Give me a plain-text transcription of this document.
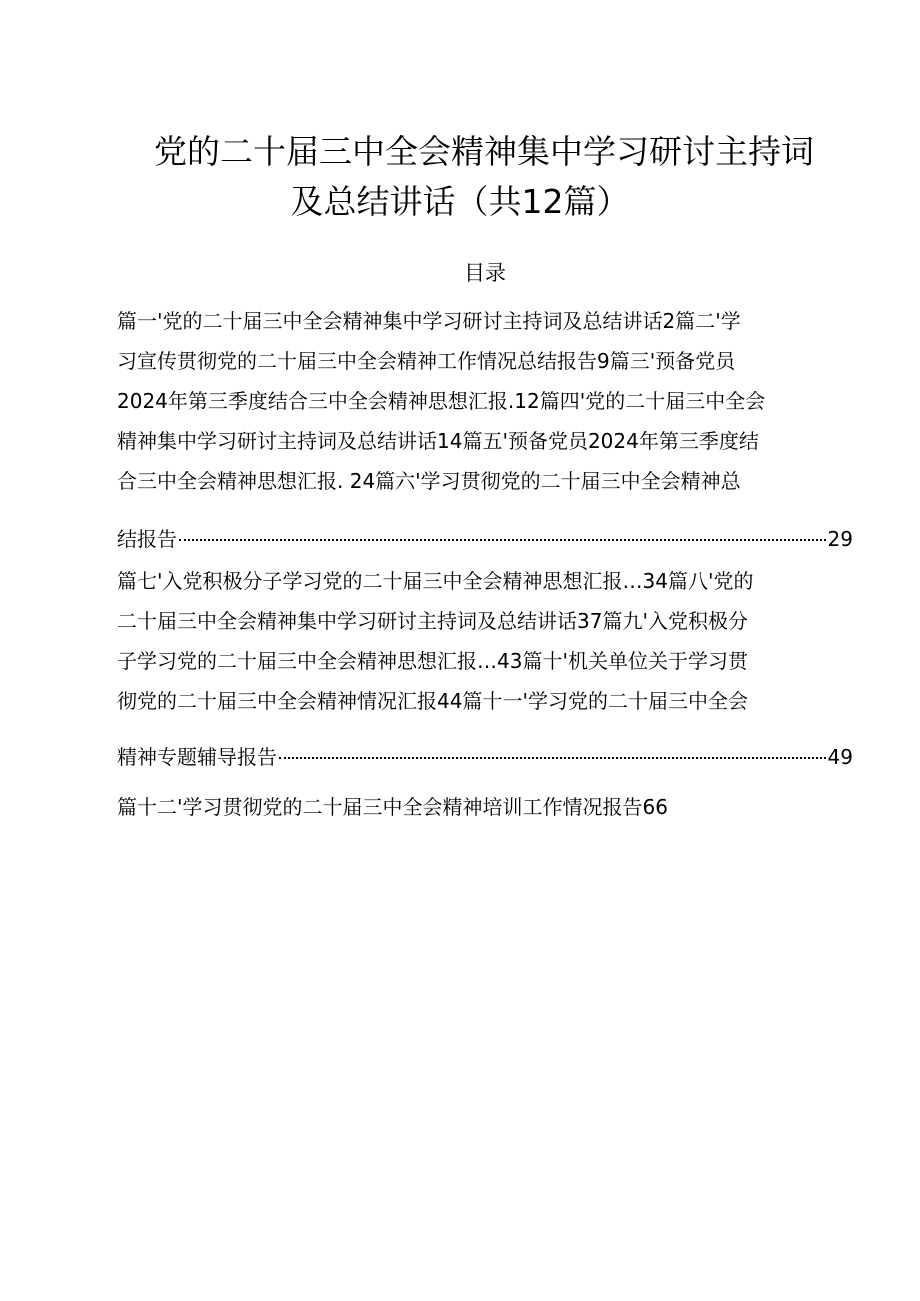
党的二十届三中全会精神集中学习研讨主持词
及总结讲话（共12篇）
目录
篇一'党的二十届三中全会精神集中学习研讨主持词及总结讲话2篇二'学
习宣传贯彻党的二十届三中全会精神工作情况总结报告9篇三'预备党员
2024年第三季度结合三中全会精神思想汇报.12篇四'党的二十届三中全会
精神集中学习研讨主持词及总结讲话14篇五'预备党员2024年第三季度结
合三中全会精神思想汇报. 24篇六'学习贯彻党的二十届三中全会精神总
结报告	29
篇七'入党积极分子学习党的二十届三中全会精神思想汇报…34篇八'党的
二十届三中全会精神集中学习研讨主持词及总结讲话37篇九'入党积极分
子学习党的二十届三中全会精神思想汇报…43篇十'机关单位关于学习贯
彻党的二十届三中全会精神情况汇报44篇十一'学习党的二十届三中全会
精神专题辅导报告	49
篇十二'学习贯彻党的二十届三中全会精神培训工作情况报告66
